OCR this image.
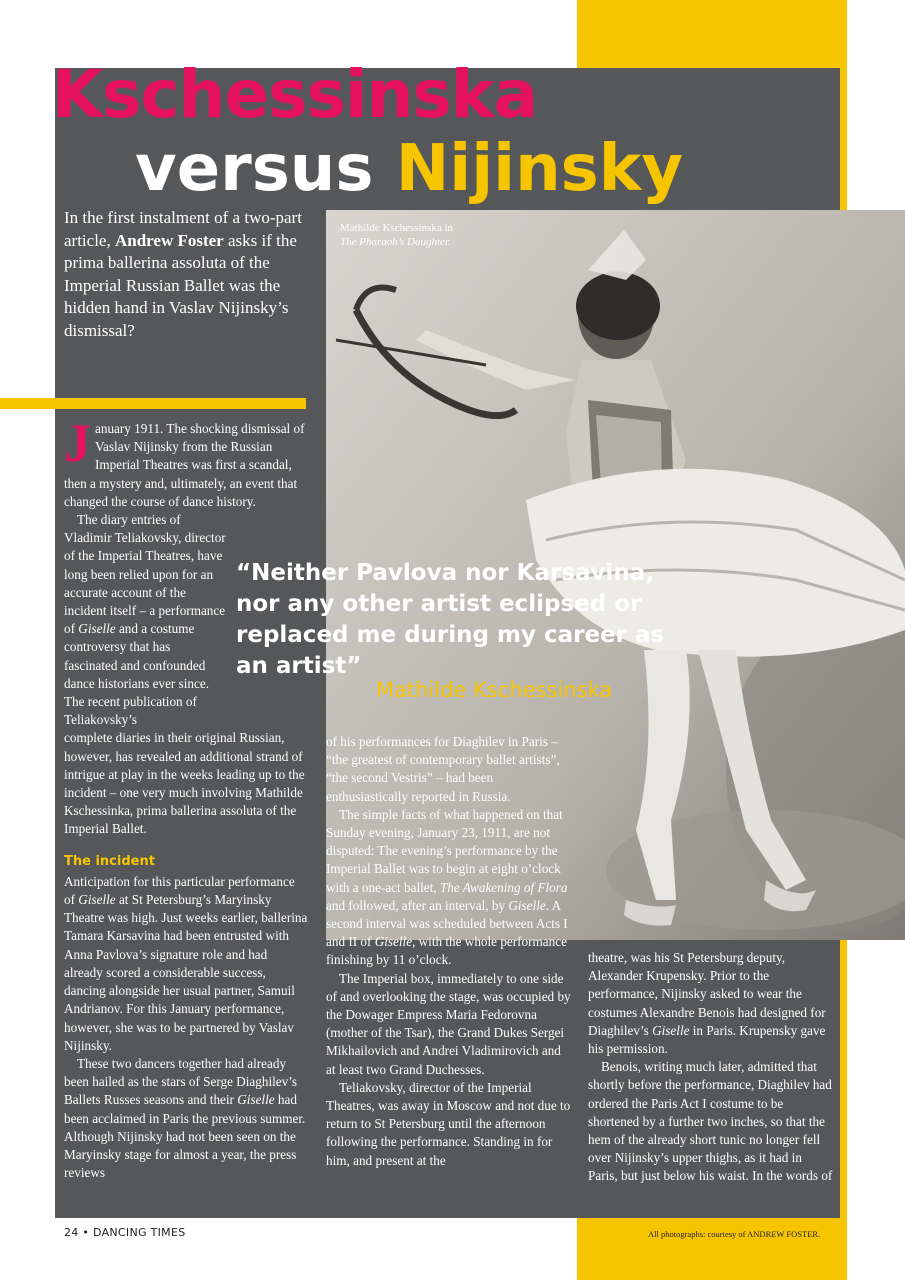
Kschessinska
versus Nijinsky
In the first instalment of a two-part article, Andrew Foster asks if the prima ballerina assoluta of the Imperial Russian Ballet was the hidden hand in Vaslav Nijinsky’s dismissal?
Mathilde Kschessinska in
The Pharaoh’s Daughter.

January 1911. The shocking dismissal of Vaslav Nijinsky from the Russian Imperial Theatres was first a scandal, then a mystery and, ultimately, an event that changed the course of dance history.

The diary entries of Vladimir Teliakovsky, director of the Imperial Theatres, have long been relied upon for an accurate account of the incident itself – a performance of Giselle and a costume controversy that has fascinated and confounded dance historians ever since. The recent publication of Teliakovsky’s

complete diaries in their original Russian, however, has revealed an additional strand of intrigue at play in the weeks leading up to the incident – one very much involving Mathilde Kschessinka, prima ballerina assoluta of the Imperial Ballet.

The incident

Anticipation for this particular performance of Giselle at St Petersburg’s Maryinsky Theatre was high. Just weeks earlier, ballerina Tamara Karsavina had been entrusted with Anna Pavlova’s signature role and had already scored a considerable success, dancing alongside her usual partner, Samuil Andrianov. For this January performance, however, she was to be partnered by Vaslav Nijinsky.

These two dancers together had already been hailed as the stars of Serge Diaghilev’s Ballets Russes seasons and their Giselle had been acclaimed in Paris the previous summer. Although Nijinsky had not been seen on the Maryinsky stage for almost a year, the press reviews

of his performances for Diaghilev in Paris – “the greatest of contemporary ballet artists”, “the second Vestris” – had been enthusiastically reported in Russia.

The simple facts of what happened on that Sunday evening, January 23, 1911, are not disputed: The evening’s performance by the Imperial Ballet was to begin at eight o’clock with a one-act ballet, The Awakening of Flora and followed, after an interval, by Giselle. A second interval was scheduled between Acts I and II of Giselle, with the whole performance finishing by 11 o’clock.

The Imperial box, immediately to one side of and overlooking the stage, was occupied by the Dowager Empress Maria Fedorovna (mother of the Tsar), the Grand Dukes Sergei Mikhailovich and Andrei Vladimirovich and at least two Grand Duchesses.

Teliakovsky, director of the Imperial Theatres, was away in Moscow and not due to return to St Petersburg until the afternoon following the performance. Standing in for him, and present at the

theatre, was his St Petersburg deputy, Alexander Krupensky. Prior to the performance, Nijinsky asked to wear the costumes Alexandre Benois had designed for Diaghilev’s Giselle in Paris. Krupensky gave his permission.

Benois, writing much later, admitted that shortly before the performance, Diaghilev had ordered the Paris Act I costume to be shortened by a further two inches, so that the hem of the already short tunic no longer fell over Nijinsky’s upper thighs, as it had in Paris, but just below his waist. In the words of

“Neither Pavlova nor Karsavina, nor any other artist eclipsed or replaced me during my career as an artist”
Mathilde Kschessinska
24 • DANCING TIMES	All photographs: courtesy of ANDREW FOSTER.
